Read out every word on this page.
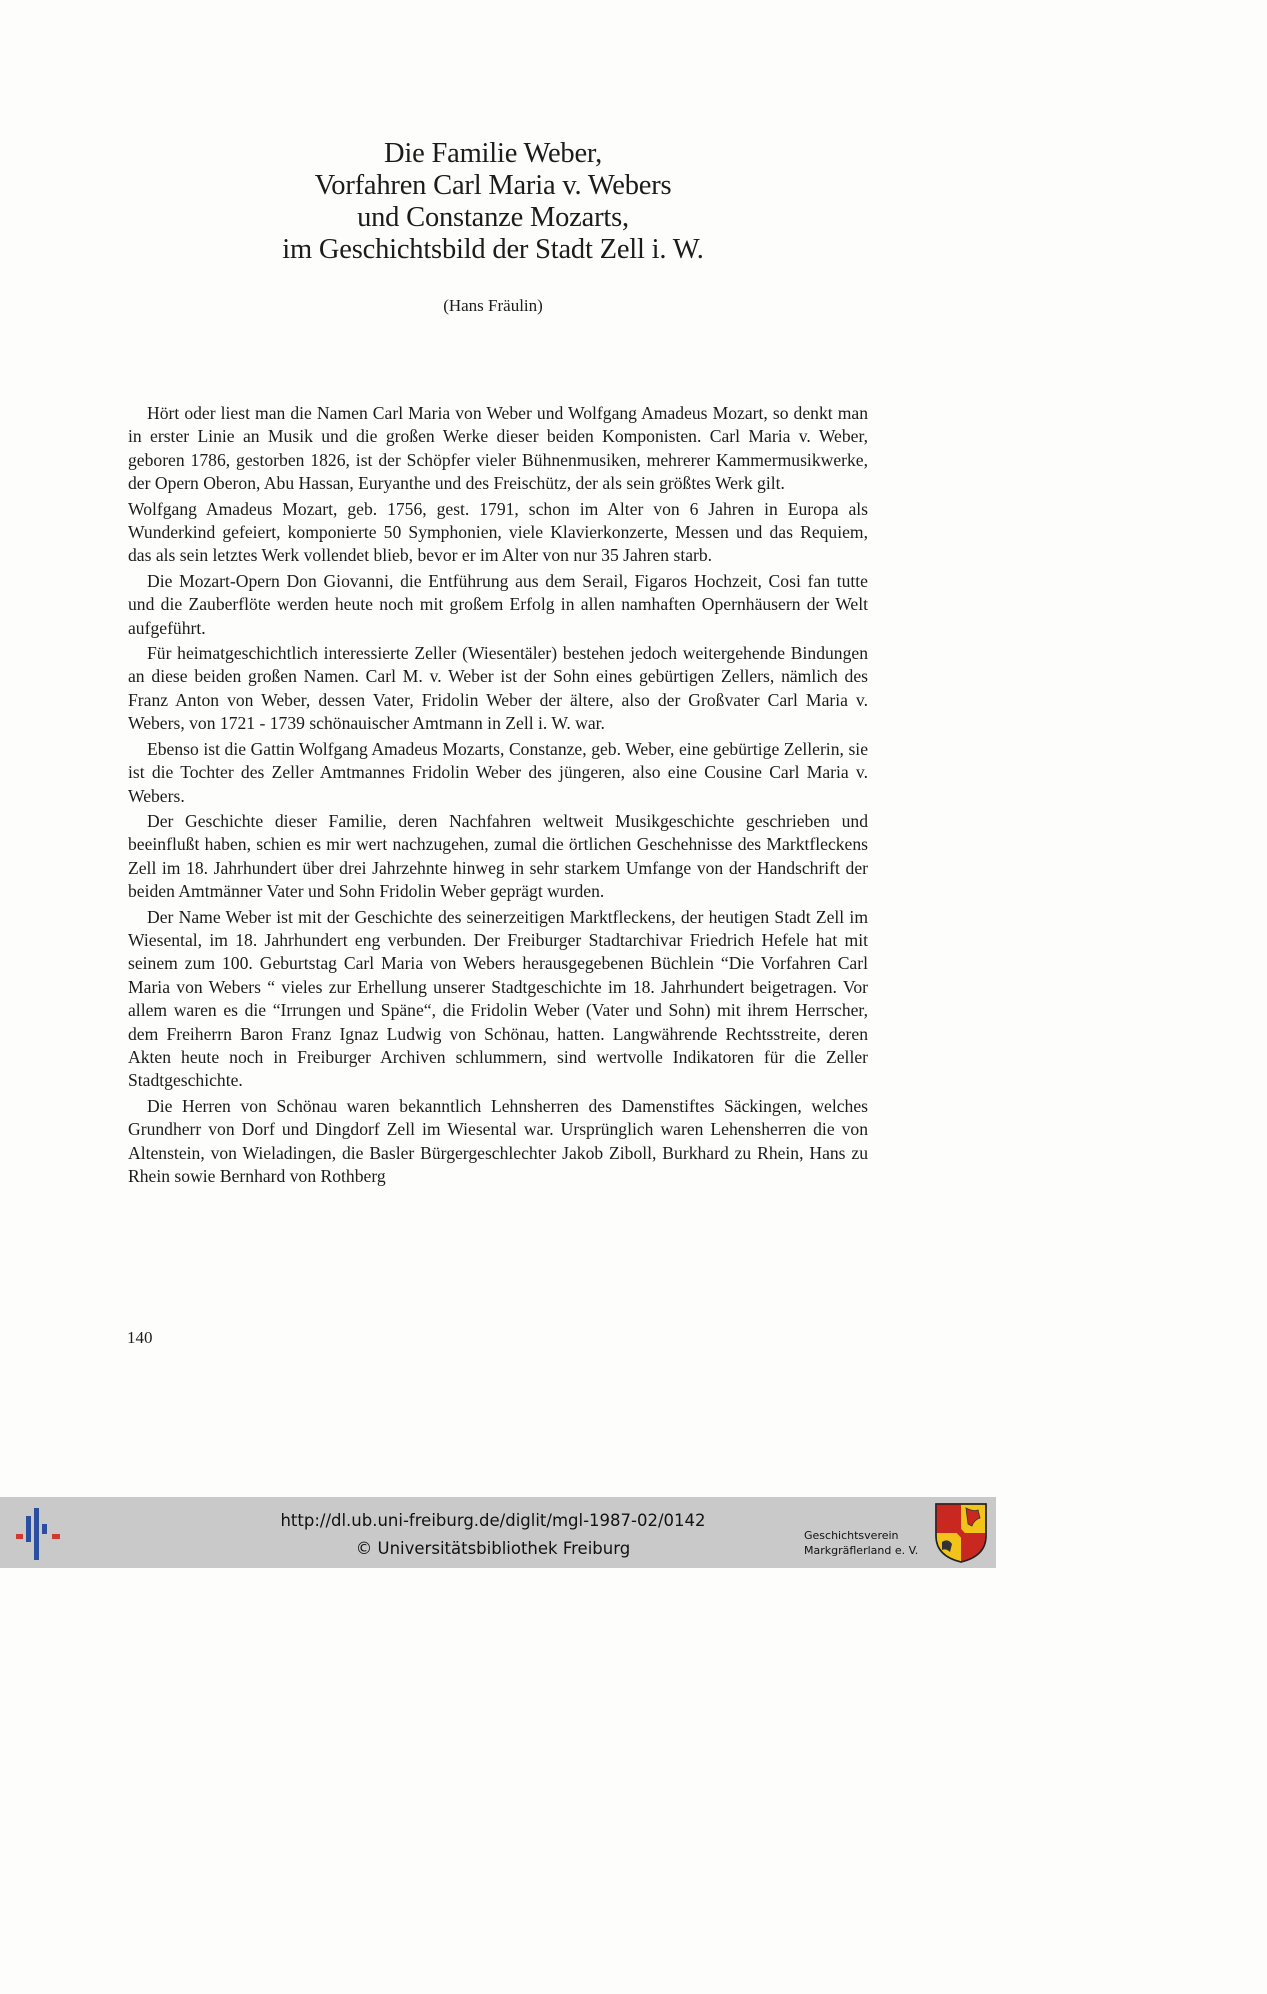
Die Familie Weber,
Vorfahren Carl Maria v. Webers
und Constanze Mozarts,
im Geschichtsbild der Stadt Zell i. W.
(Hans Fräulin)

Hört oder liest man die Namen Carl Maria von Weber und Wolfgang Amadeus Mozart, so denkt man in erster Linie an Musik und die großen Werke dieser beiden Komponisten. Carl Maria v. Weber, geboren 1786, gestorben 1826, ist der Schöpfer vieler Bühnenmusiken, mehrerer Kammermusikwerke, der Opern Oberon, Abu Hassan, Euryanthe und des Freischütz, der als sein größtes Werk gilt.

Wolfgang Amadeus Mozart, geb. 1756, gest. 1791, schon im Alter von 6 Jahren in Europa als Wunderkind gefeiert, komponierte 50 Symphonien, viele Klavierkonzerte, Messen und das Requiem, das als sein letztes Werk vollendet blieb, bevor er im Alter von nur 35 Jahren starb.

Die Mozart-Opern Don Giovanni, die Entführung aus dem Serail, Figaros Hochzeit, Cosi fan tutte und die Zauberflöte werden heute noch mit großem Erfolg in allen namhaften Opernhäusern der Welt aufgeführt.

Für heimatgeschichtlich interessierte Zeller (Wiesentäler) bestehen jedoch weitergehende Bindungen an diese beiden großen Namen. Carl M. v. Weber ist der Sohn eines gebürtigen Zellers, nämlich des Franz Anton von Weber, dessen Vater, Fridolin Weber der ältere, also der Großvater Carl Maria v. Webers, von 1721 - 1739 schönauischer Amtmann in Zell i. W. war.

Ebenso ist die Gattin Wolfgang Amadeus Mozarts, Constanze, geb. Weber, eine gebürtige Zellerin, sie ist die Tochter des Zeller Amtmannes Fridolin Weber des jüngeren, also eine Cousine Carl Maria v. Webers.

Der Geschichte dieser Familie, deren Nachfahren weltweit Musikgeschichte geschrieben und beeinflußt haben, schien es mir wert nachzugehen, zumal die örtlichen Geschehnisse des Marktfleckens Zell im 18. Jahrhundert über drei Jahrzehnte hinweg in sehr starkem Umfange von der Handschrift der beiden Amtmänner Vater und Sohn Fridolin Weber geprägt wurden.

Der Name Weber ist mit der Geschichte des seinerzeitigen Marktfleckens, der heutigen Stadt Zell im Wiesental, im 18. Jahrhundert eng verbunden. Der Freiburger Stadtarchivar Friedrich Hefele hat mit seinem zum 100. Geburtstag Carl Maria von Webers herausgegebenen Büchlein “Die Vorfahren Carl Maria von Webers “ vieles zur Erhellung unserer Stadtgeschichte im 18. Jahrhundert beigetragen. Vor allem waren es die “Irrungen und Späne“, die Fridolin Weber (Vater und Sohn) mit ihrem Herrscher, dem Freiherrn Baron Franz Ignaz Ludwig von Schönau, hatten. Langwährende Rechtsstreite, deren Akten heute noch in Freiburger Archiven schlummern, sind wertvolle Indikatoren für die Zeller Stadtgeschichte.

Die Herren von Schönau waren bekanntlich Lehnsherren des Damenstiftes Säckingen, welches Grundherr von Dorf und Dingdorf Zell im Wiesental war. Ursprünglich waren Lehensherren die von Altenstein, von Wieladingen, die Basler Bürgergeschlechter Jakob Ziboll, Burkhard zu Rhein, Hans zu Rhein sowie Bernhard von Rothberg

140
http://dl.ub.uni-freiburg.de/diglit/mgl-1987-02/0142
© Universitätsbibliothek Freiburg
Geschichtsverein
Markgräflerland e. V.
